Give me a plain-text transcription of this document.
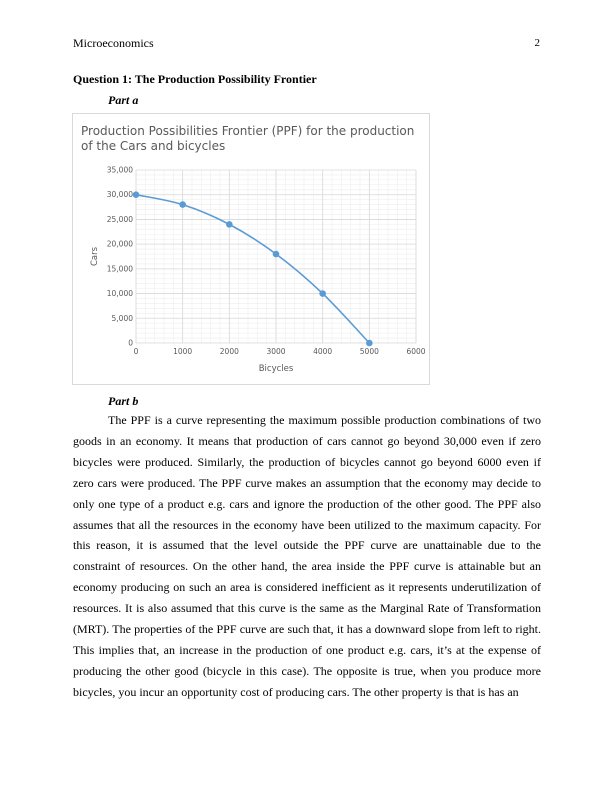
Microeconomics	2
Question 1: The Production Possibility Frontier
Part a
Production Possibilities Frontier (PPF) for the production of the Cars and bicycles
0	1000	2000	3000	4000	5000	6000
0
5,000
10,000
15,000
20,000
25,000
30,000
35,000
Bicycles
Cars
Part b

The PPF is a curve representing the maximum possible production combinations of two goods in an economy. It means that production of cars cannot go beyond 30,000 even if zero bicycles were produced. Similarly, the production of bicycles cannot go beyond 6000 even if zero cars were produced. The PPF curve makes an assumption that the economy may decide to only one type of a product e.g. cars and ignore the production of the other good. The PPF also assumes that all the resources in the economy have been utilized to the maximum capacity. For this reason, it is assumed that the level outside the PPF curve are unattainable due to the constraint of resources. On the other hand, the area inside the PPF curve is attainable but an economy producing on such an area is considered inefficient as it represents underutilization of resources. It is also assumed that this curve is the same as the Marginal Rate of Transformation (MRT). The properties of the PPF curve are such that, it has a downward slope from left to right. This implies that, an increase in the production of one product e.g. cars, it’s at the expense of producing the other good (bicycle in this case). The opposite is true, when you produce more bicycles, you incur an opportunity cost of producing cars. The other property is that is has an
